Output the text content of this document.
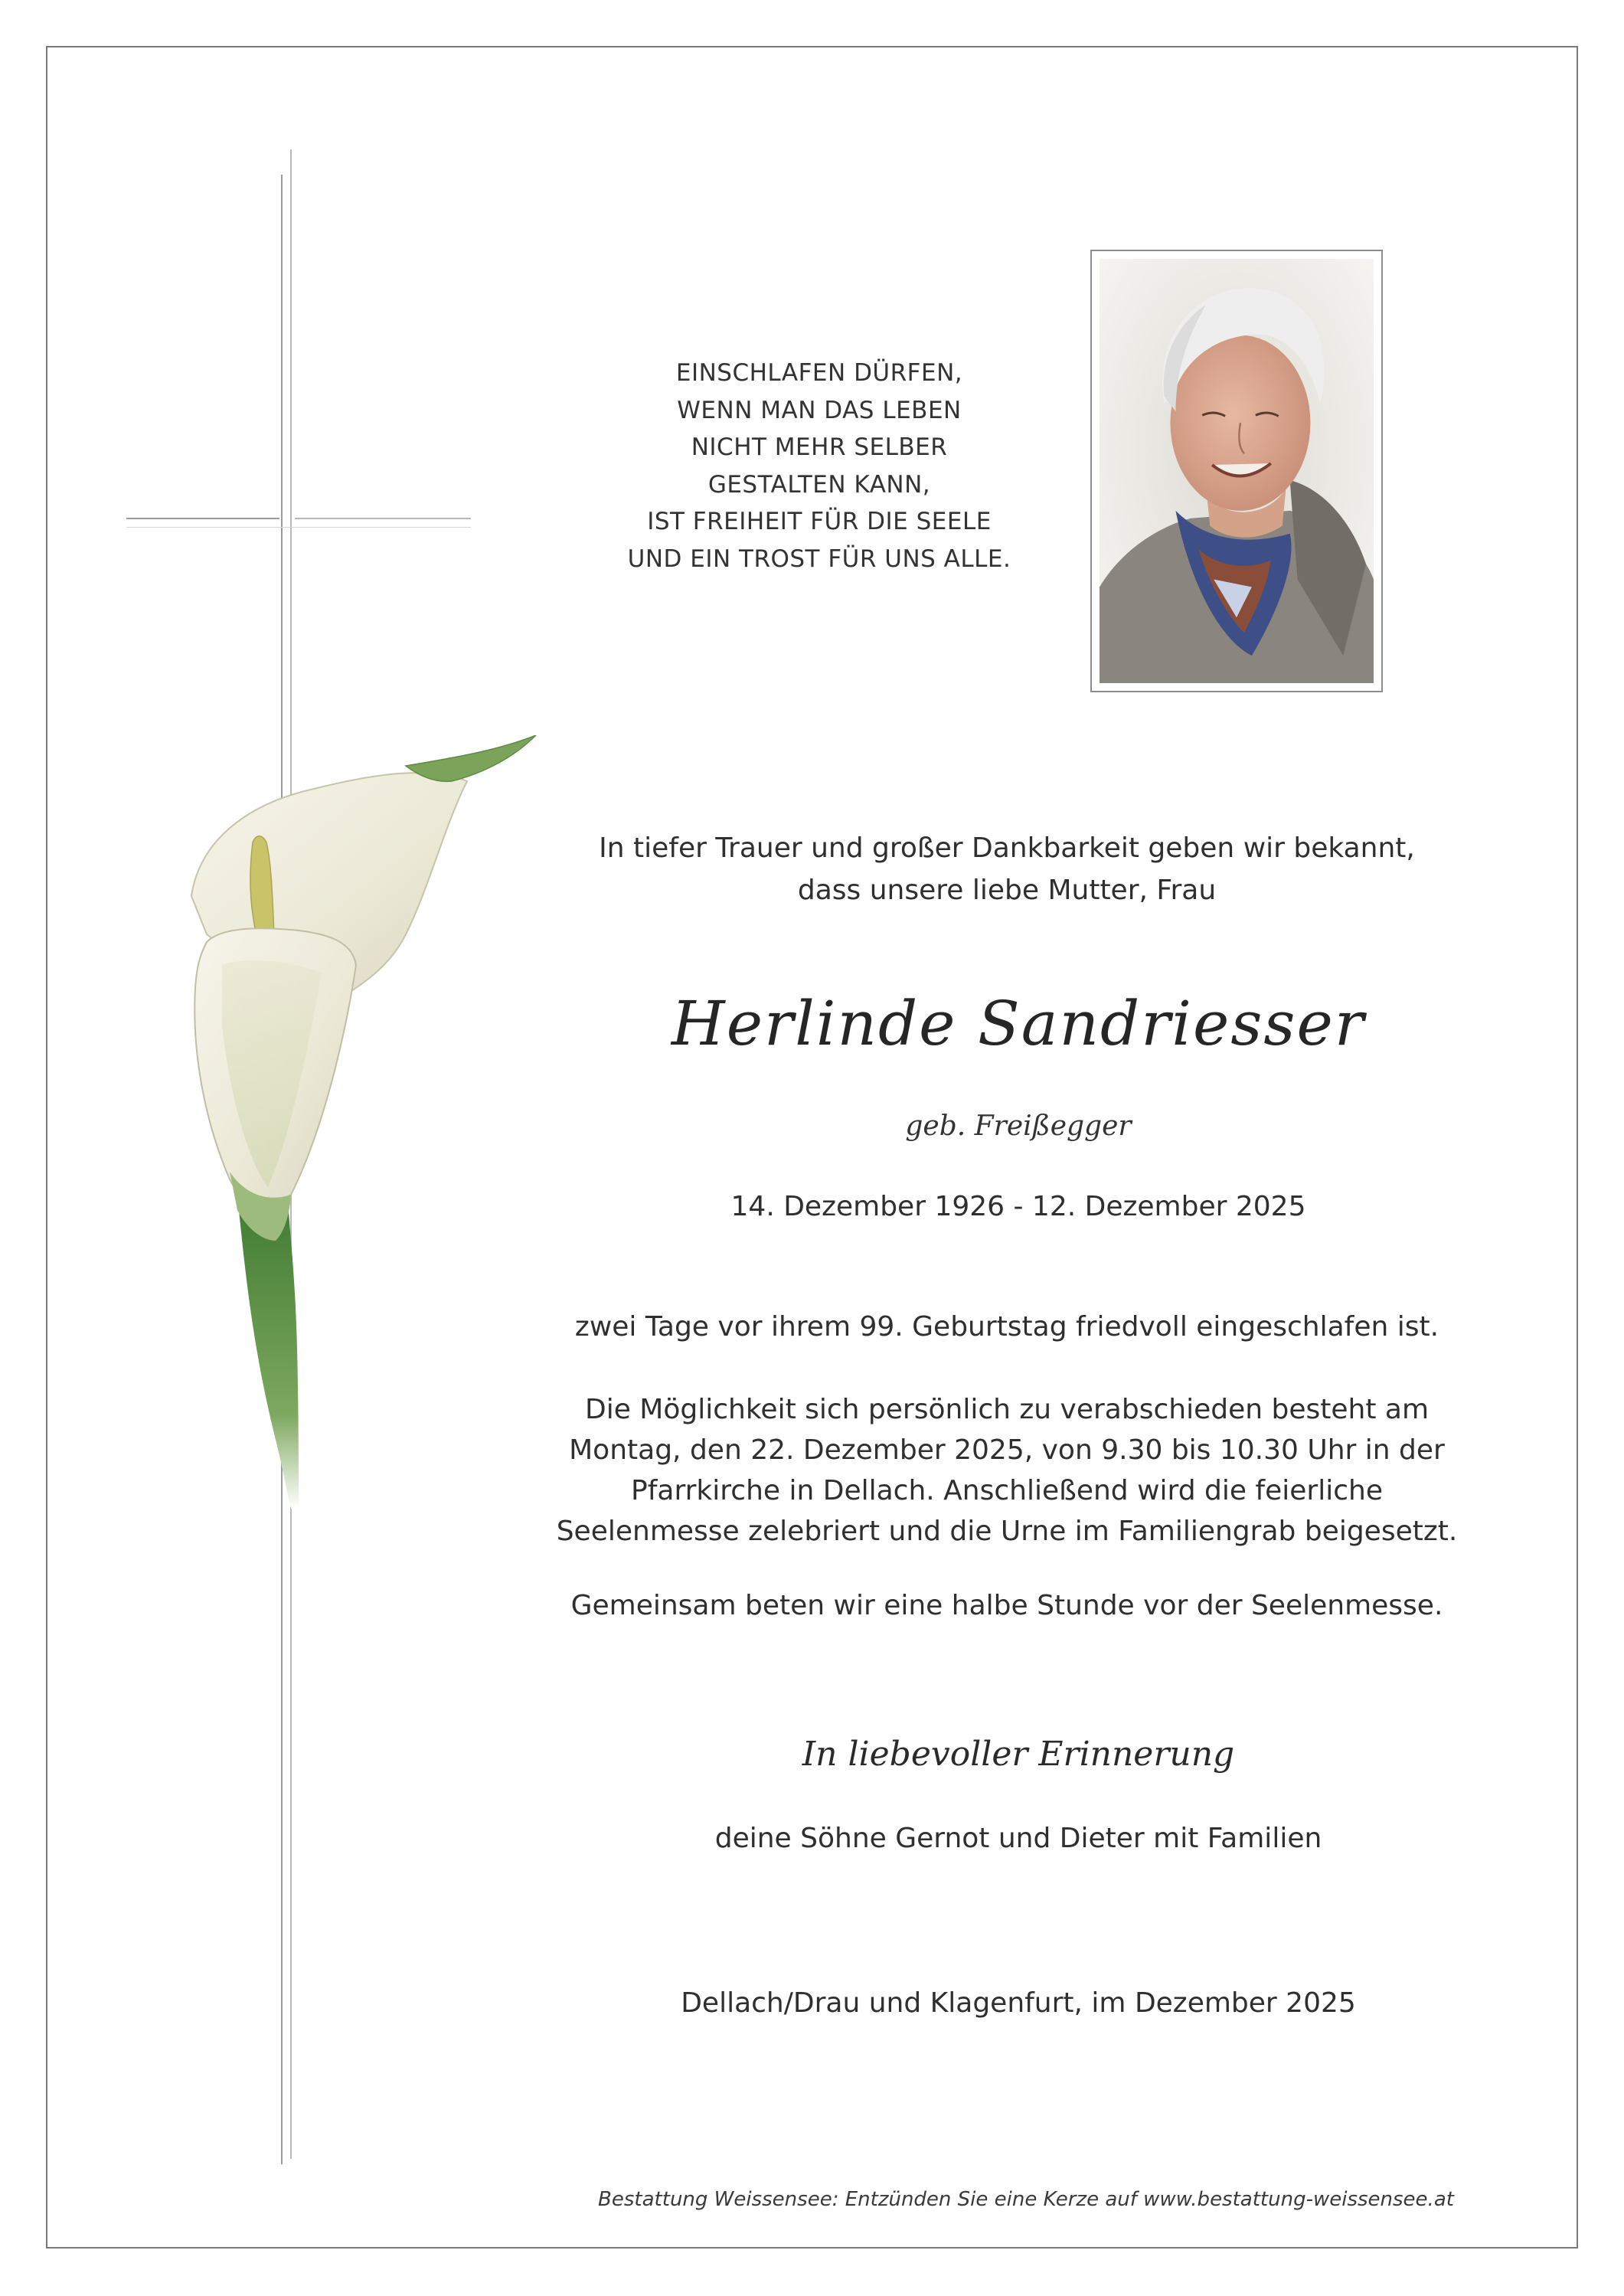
EINSCHLAFEN DÜRFEN,
WENN MAN DAS LEBEN
NICHT MEHR SELBER
GESTALTEN KANN,
IST FREIHEIT FÜR DIE SEELE
UND EIN TROST FÜR UNS ALLE.
In tiefer Trauer und großer Dankbarkeit geben wir bekannt,
dass unsere liebe Mutter, Frau
Herlinde Sandriesser
geb. Freißegger
14. Dezember 1926 - 12. Dezember 2025
zwei Tage vor ihrem 99. Geburtstag friedvoll eingeschlafen ist.
Die Möglichkeit sich persönlich zu verabschieden besteht am
Montag, den 22. Dezember 2025, von 9.30 bis 10.30 Uhr in der
Pfarrkirche in Dellach. Anschließend wird die feierliche
Seelenmesse zelebriert und die Urne im Familiengrab beigesetzt.
Gemeinsam beten wir eine halbe Stunde vor der Seelenmesse.
In liebevoller Erinnerung
deine Söhne Gernot und Dieter mit Familien
Dellach/Drau und Klagenfurt, im Dezember 2025
Bestattung Weissensee: Entzünden Sie eine Kerze auf www.bestattung-weissensee.at
